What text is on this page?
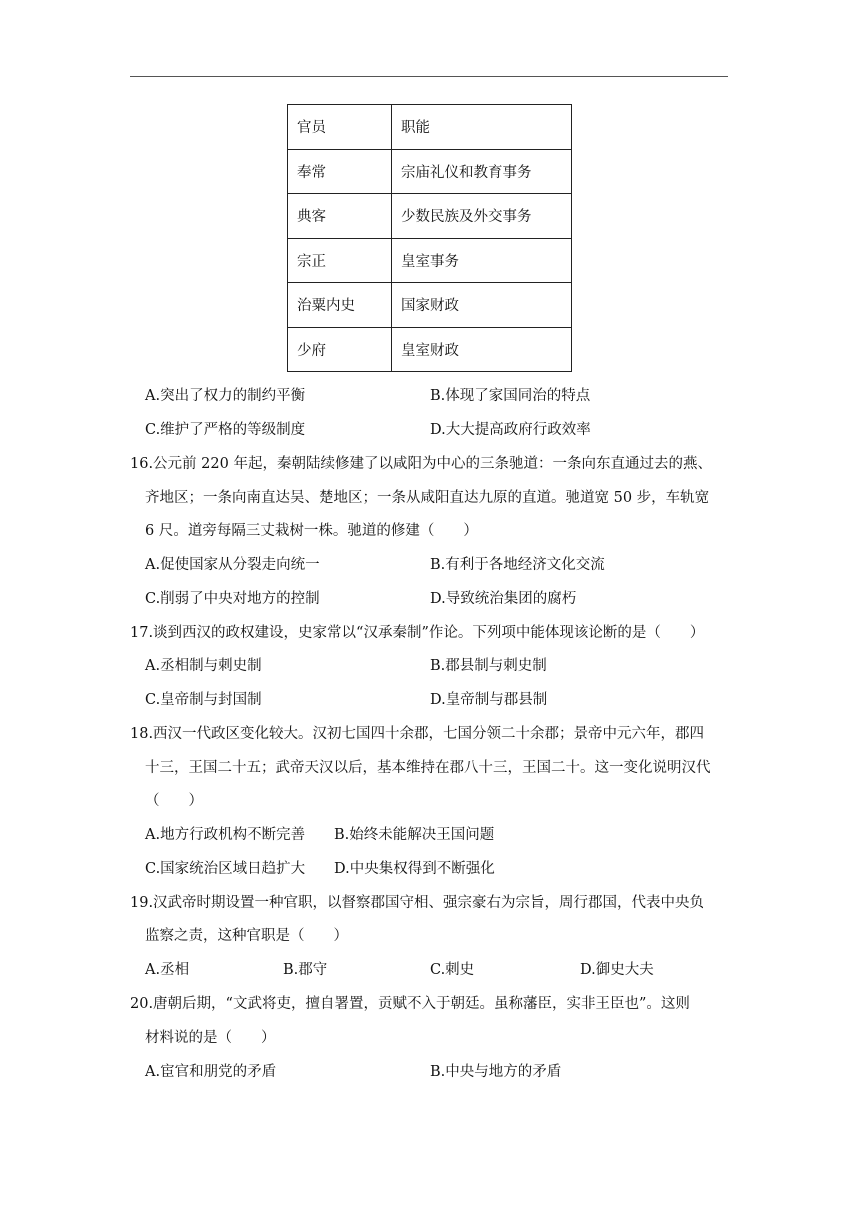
官员	职能
奉常	宗庙礼仪和教育事务
典客	少数民族及外交事务
宗正	皇室事务
治粟内史	国家财政
少府	皇室财政
A.突出了权力的制约平衡	B.体现了家国同治的特点
C.维护了严格的等级制度	D.大大提高政府行政效率
16.公元前 220 年起，秦朝陆续修建了以咸阳为中心的三条驰道：一条向东直通过去的燕、
齐地区；一条向南直达吴、楚地区；一条从咸阳直达九原的直道。驰道宽 50 步，车轨宽
6 尺。道旁每隔三丈栽树一株。驰道的修建（　　）
A.促使国家从分裂走向统一	B.有利于各地经济文化交流
C.削弱了中央对地方的控制	D.导致统治集团的腐朽
17.谈到西汉的政权建设，史家常以“汉承秦制”作论。下列项中能体现该论断的是（　　）
A.丞相制与刺史制	B.郡县制与刺史制
C.皇帝制与封国制	D.皇帝制与郡县制
18.西汉一代政区变化较大。汉初七国四十余郡，七国分领二十余郡；景帝中元六年，郡四
十三，王国二十五；武帝天汉以后，基本维持在郡八十三，王国二十。这一变化说明汉代
（　　）
A.地方行政机构不断完善 B.始终未能解决王国问题
C.国家统治区域日趋扩大 D.中央集权得到不断强化
19.汉武帝时期设置一种官职，以督察郡国守相、强宗豪右为宗旨，周行郡国，代表中央负
监察之责，这种官职是（　　）
A.丞相	B.郡守	C.刺史	D.御史大夫
20.唐朝后期，“文武将吏，擅自署置，贡赋不入于朝廷。虽称藩臣，实非王臣也”。这则
材料说的是（　　）
A.宦官和朋党的矛盾	B.中央与地方的矛盾
